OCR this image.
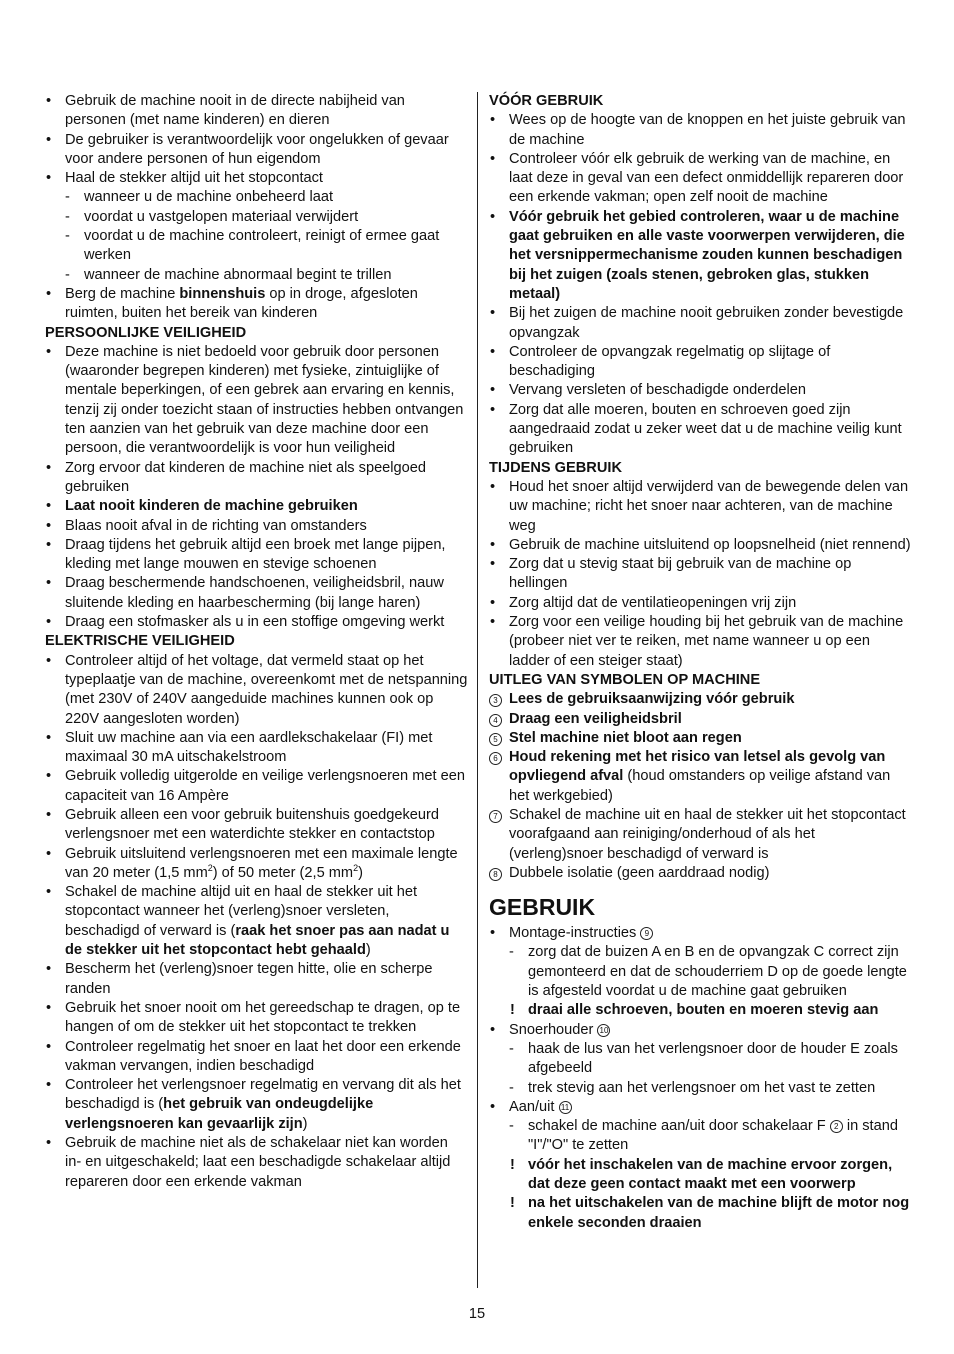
• Gebruik de machine nooit in de directe nabijheid van personen (met name kinderen) en dieren
• De gebruiker is verantwoordelijk voor ongelukken of gevaar voor andere personen of hun eigendom
• Haal de stekker altijd uit het stopcontact
- wanneer u de machine onbeheerd laat
- voordat u vastgelopen materiaal verwijdert
- voordat u de machine controleert, reinigt of ermee gaat werken
- wanneer de machine abnormaal begint te trillen
• Berg de machine binnenshuis op in droge, afgesloten ruimten, buiten het bereik van kinderen
PERSOONLIJKE VEILIGHEID
• Deze machine is niet bedoeld voor gebruik door personen (waaronder begrepen kinderen) met fysieke, zintuiglijke of mentale beperkingen, of een gebrek aan ervaring en kennis, tenzij zij onder toezicht staan of instructies hebben ontvangen ten aanzien van het gebruik van deze machine door een persoon, die verantwoordelijk is voor hun veiligheid
• Zorg ervoor dat kinderen de machine niet als speelgoed gebruiken
• Laat nooit kinderen de machine gebruiken
• Blaas nooit afval in de richting van omstanders
• Draag tijdens het gebruik altijd een broek met lange pijpen, kleding met lange mouwen en stevige schoenen
• Draag beschermende handschoenen, veiligheidsbril, nauw sluitende kleding en haarbescherming (bij lange haren)
• Draag een stofmasker als u in een stoffige omgeving werkt
ELEKTRISCHE VEILIGHEID
• Controleer altijd of het voltage, dat vermeld staat op het typeplaatje van de machine, overeenkomt met de netspanning (met 230V of 240V aangeduide machines kunnen ook op 220V aangesloten worden)
• Sluit uw machine aan via een aardlekschakelaar (FI) met maximaal 30 mA uitschakelstroom
• Gebruik volledig uitgerolde en veilige verlengsnoeren met een capaciteit van 16 Ampère
• Gebruik alleen een voor gebruik buitenshuis goedgekeurd verlengsnoer met een waterdichte stekker en contactstop
• Gebruik uitsluitend verlengsnoeren met een maximale lengte van 20 meter (1,5 $mm^2$) of 50 meter (2,5 $mm^2$)
• Schakel de machine altijd uit en haal de stekker uit het stopcontact wanneer het (verleng)snoer versleten, beschadigd of verward is (raak het snoer pas aan nadat u de stekker uit het stopcontact hebt gehaald)
• Bescherm het (verleng)snoer tegen hitte, olie en scherpe randen
• Gebruik het snoer nooit om het gereedschap te dragen, op te hangen of om de stekker uit het stopcontact te trekken
• Controleer regelmatig het snoer en laat het door een erkende vakman vervangen, indien beschadigd
• Controleer het verlengsnoer regelmatig en vervang dit als het beschadigd is (het gebruik van ondeugdelijke verlengsnoeren kan gevaarlijk zijn)
• Gebruik de machine niet als de schakelaar niet kan worden in- en uitgeschakeld; laat een beschadigde schakelaar altijd repareren door een erkende vakman
VÓÓR GEBRUIK
• Wees op de hoogte van de knoppen en het juiste gebruik van de machine
• Controleer vóór elk gebruik de werking van de machine, en laat deze in geval van een defect onmiddellijk repareren door een erkende vakman; open zelf nooit de machine
• Vóór gebruik het gebied controleren, waar u de machine gaat gebruiken en alle vaste voorwerpen verwijderen, die het versnippermechanisme zouden kunnen beschadigen bij het zuigen (zoals stenen, gebroken glas, stukken metaal)
• Bij het zuigen de machine nooit gebruiken zonder bevestigde opvangzak
• Controleer de opvangzak regelmatig op slijtage of beschadiging
• Vervang versleten of beschadigde onderdelen
• Zorg dat alle moeren, bouten en schroeven goed zijn aangedraaid zodat u zeker weet dat u de machine veilig kunt gebruiken
TIJDENS GEBRUIK
• Houd het snoer altijd verwijderd van de bewegende delen van uw machine; richt het snoer naar achteren, van de machine weg
• Gebruik de machine uitsluitend op loopsnelheid (niet rennend)
• Zorg dat u stevig staat bij gebruik van de machine op hellingen
• Zorg altijd dat de ventilatieopeningen vrij zijn
• Zorg voor een veilige houding bij het gebruik van de machine (probeer niet ver te reiken, met name wanneer u op een ladder of een steiger staat)
UITLEG VAN SYMBOLEN OP MACHINE
3 Lees de gebruiksaanwijzing vóór gebruik
4 Draag een veiligheidsbril
5 Stel machine niet bloot aan regen
6 Houd rekening met het risico van letsel als gevolg van opvliegend afval (houd omstanders op veilige afstand van het werkgebied)
7 Schakel de machine uit en haal de stekker uit het stopcontact voorafgaand aan reiniging/onderhoud of als het (verleng)snoer beschadigd of verward is
8 Dubbele isolatie (geen aarddraad nodig)
GEBRUIK
• Montage-instructies 9
- zorg dat de buizen A en B en de opvangzak C correct zijn gemonteerd en dat de schouderriem D op de goede lengte is afgesteld voordat u de machine gaat gebruiken
! draai alle schroeven, bouten en moeren stevig aan
• Snoerhouder 10
- haak de lus van het verlengsnoer door de houder E zoals afgebeeld
- trek stevig aan het verlengsnoer om het vast te zetten
• Aan/uit 11
- schakel de machine aan/uit door schakelaar F 2 in stand "I"/"O" te zetten
! vóór het inschakelen van de machine ervoor zorgen, dat deze geen contact maakt met een voorwerp
! na het uitschakelen van de machine blijft de motor nog enkele seconden draaien
15
